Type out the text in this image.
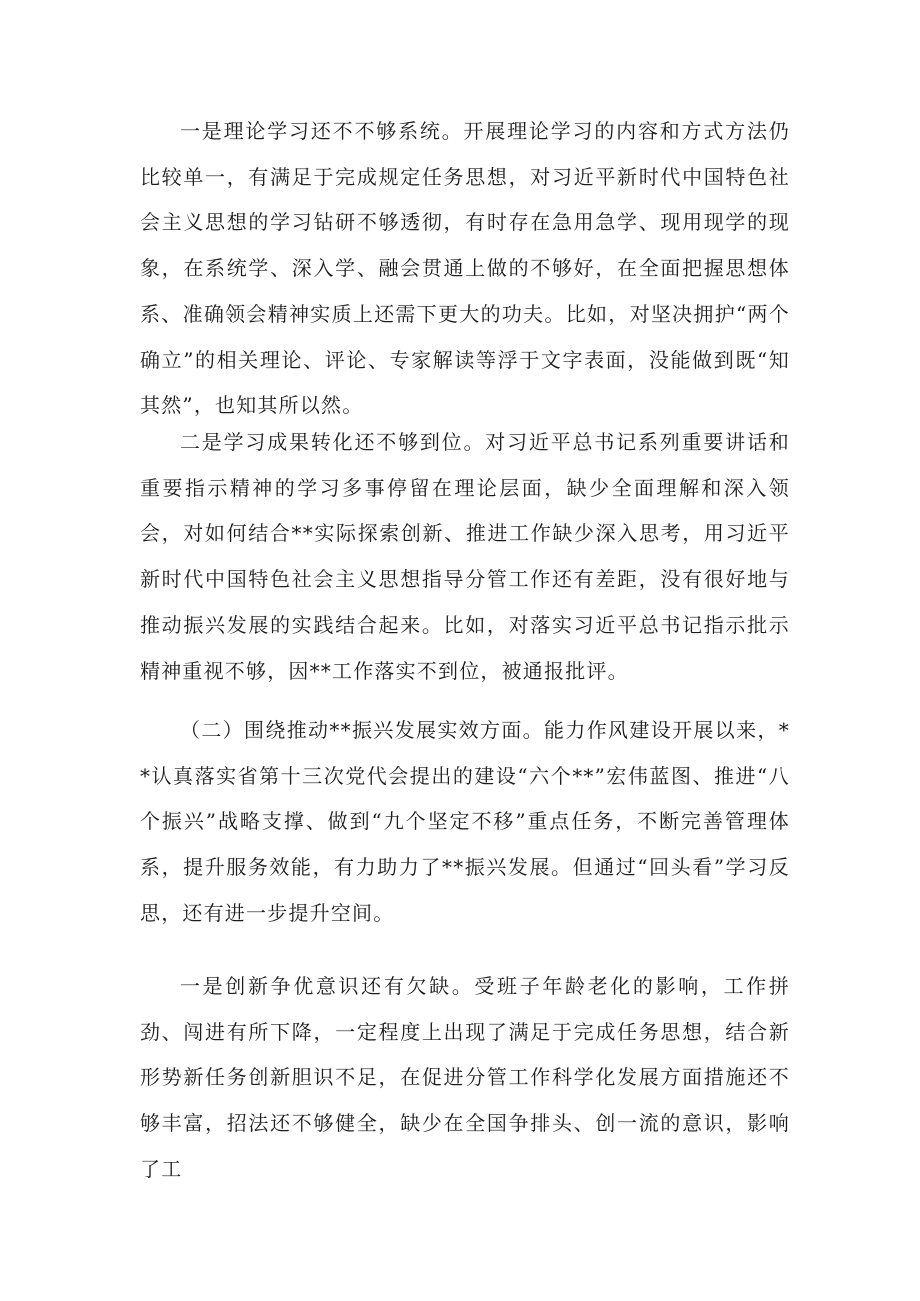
一是理论学习还不不够系统。开展理论学习的内容和方式方法仍比较单一，有满足于完成规定任务思想，对习近平新时代中国特色社会主义思想的学习钻研不够透彻，有时存在急用急学、现用现学的现象，在系统学、深入学、融会贯通上做的不够好，在全面把握思想体系、准确领会精神实质上还需下更大的功夫。比如，对坚决拥护“两个确立”的相关理论、评论、专家解读等浮于文字表面，没能做到既“知其然”，也知其所以然。

二是学习成果转化还不够到位。对习近平总书记系列重要讲话和重要指示精神的学习多事停留在理论层面，缺少全面理解和深入领会，对如何结合**实际探索创新、推进工作缺少深入思考，用习近平新时代中国特色社会主义思想指导分管工作还有差距，没有很好地与推动振兴发展的实践结合起来。比如，对落实习近平总书记指示批示精神重视不够，因**工作落实不到位，被通报批评。

（二）围绕推动**振兴发展实效方面。能力作风建设开展以来，**认真落实省第十三次党代会提出的建设“六个**”宏伟蓝图、推进“八个振兴”战略支撑、做到“九个坚定不移”重点任务，不断完善管理体系，提升服务效能，有力助力了**振兴发展。但通过“回头看”学习反思，还有进一步提升空间。

一是创新争优意识还有欠缺。受班子年龄老化的影响，工作拼劲、闯进有所下降，一定程度上出现了满足于完成任务思想，结合新形势新任务创新胆识不足，在促进分管工作科学化发展方面措施还不够丰富，招法还不够健全，缺少在全国争排头、创一流的意识，影响了工
